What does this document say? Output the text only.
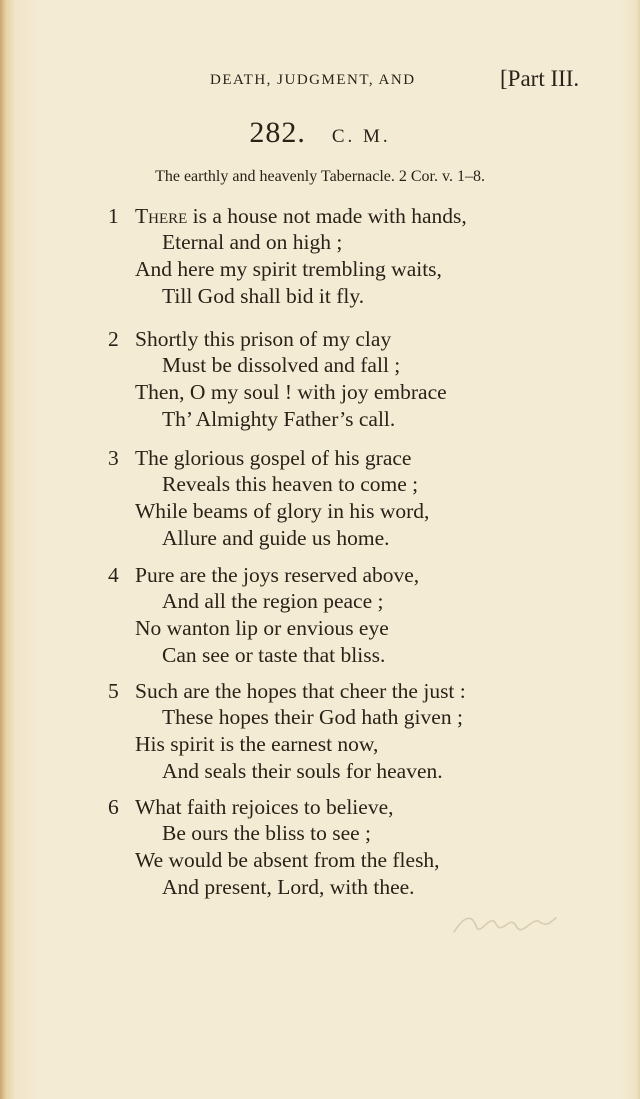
DEATH, JUDGMENT, AND	[Part III.
282. C. M.
The earthly and heavenly Tabernacle. 2 Cor. v. 1–8.
1 There is a house not made with hands,
Eternal and on high ;
And here my spirit trembling waits,
Till God shall bid it fly.
2 Shortly this prison of my clay
Must be dissolved and fall ;
Then, O my soul ! with joy embrace
Th’ Almighty Father’s call.
3 The glorious gospel of his grace
Reveals this heaven to come ;
While beams of glory in his word,
Allure and guide us home.
4 Pure are the joys reserved above,
And all the region peace ;
No wanton lip or envious eye
Can see or taste that bliss.
5 Such are the hopes that cheer the just :
These hopes their God hath given ;
His spirit is the earnest now,
And seals their souls for heaven.
6 What faith rejoices to believe,
Be ours the bliss to see ;
We would be absent from the flesh,
And present, Lord, with thee.
